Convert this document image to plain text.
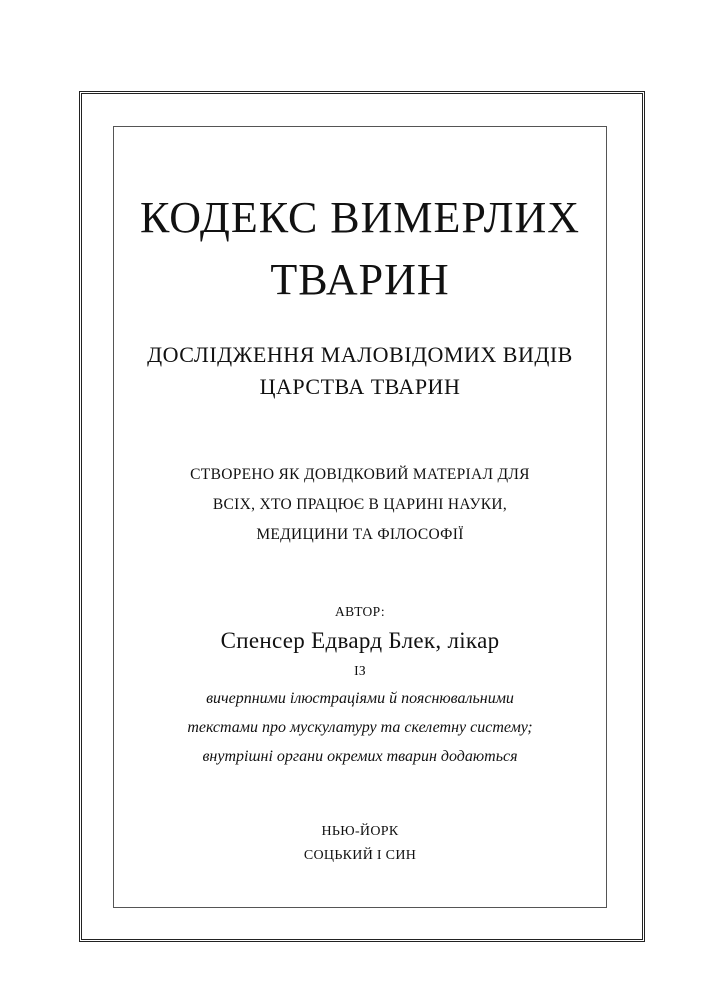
КОДЕКС ВИМЕРЛИХ
ТВАРИН
ДОСЛІДЖЕННЯ МАЛОВІДОМИХ ВИДІВ
ЦАРСТВА ТВАРИН
СТВОРЕНО ЯК ДОВІДКОВИЙ МАТЕРІАЛ ДЛЯ
ВСІХ, ХТО ПРАЦЮЄ В ЦАРИНІ НАУКИ,
МЕДИЦИНИ ТА ФІЛОСОФІЇ
АВТОР:
Спенсер Едвард Блек, лікар
ІЗ
вичерпними ілюстраціями й пояснювальними
текстами про мускулатуру та скелетну систему;
внутрішні органи окремих тварин додаються
НЬЮ-ЙОРК
СОЦЬКИЙ І СИН
